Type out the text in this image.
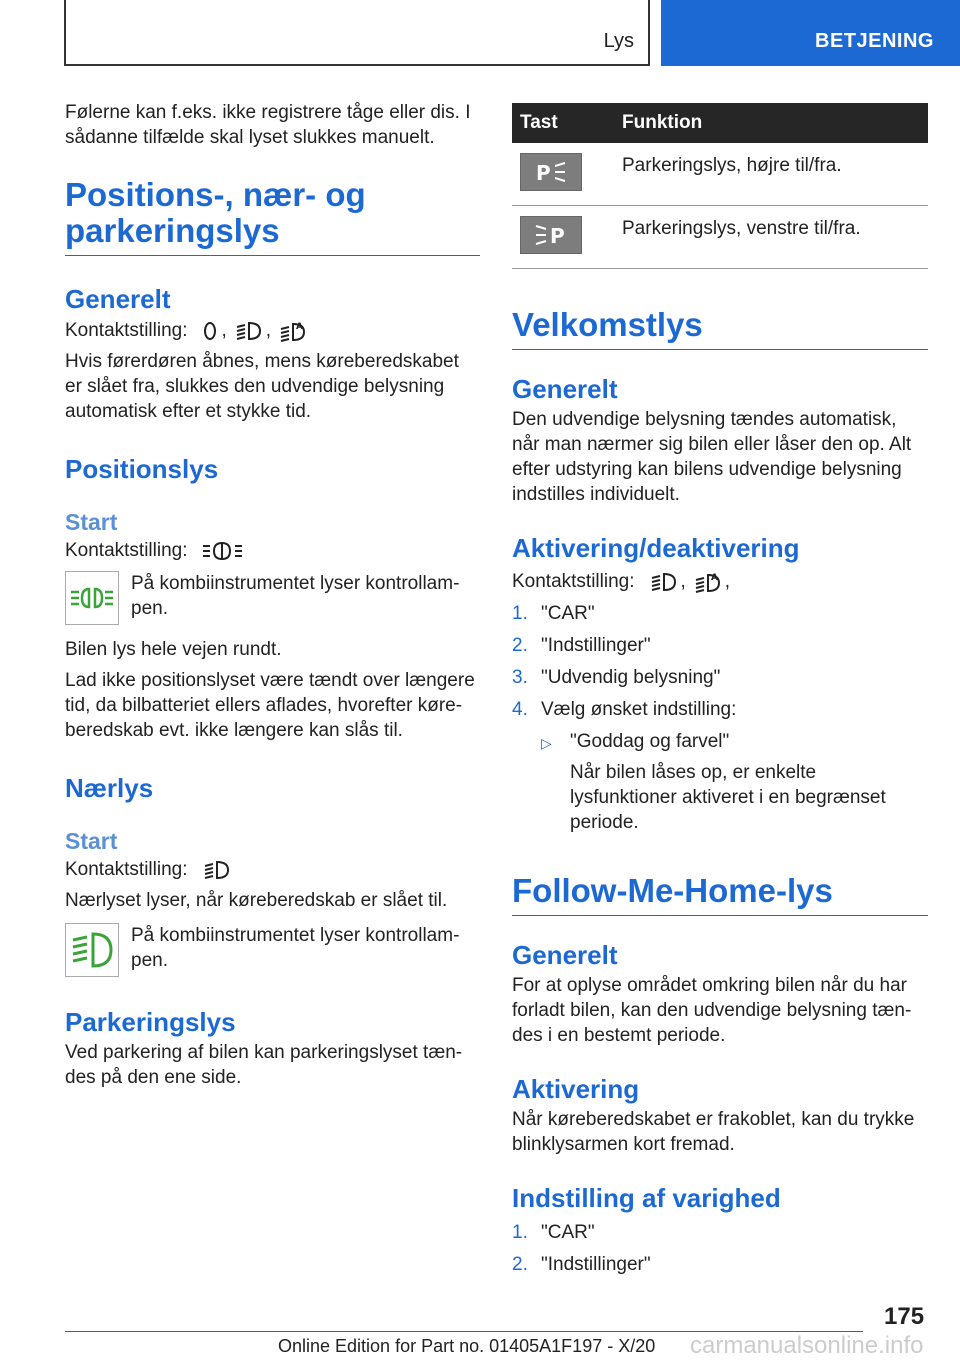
Lys	BETJENING

Følerne kan f.eks. ikke registrere tåge eller dis. I sådanne tilfælde skal lyset slukkes manuelt.

Positions-, nær- og parkeringslys
Generelt
Kontaktstilling: , ,	A

Hvis førerdøren åbnes, mens køreberedskabet er slået fra, slukkes den udvendige belysning automatisk efter et stykke tid.

Positionslys
Start
Kontaktstilling:
På kombiinstrumentet lyser kontrollampen.

Bilen lys hele vejen rundt.

Lad ikke positionslyset være tændt over længere tid, da bilbatteriet ellers aflades, hvorefter køreberedskab evt. ikke længere kan slås til.

Nærlys
Start
Kontaktstilling:

Nærlyset lyser, når køreberedskab er slået til.

På kombiinstrumentet lyser kontrollampen.
Parkeringslys

Ved parkering af bilen kan parkeringslyset tændes på den ene side.

Tast	Funktion

P	Parkeringslys, højre til/fra.

P	Parkeringslys, venstre til/fra.
Velkomstlys
Generelt

Den udvendige belysning tændes automatisk, når man nærmer sig bilen eller låser den op. Alt efter udstyring kan bilens udvendige belysning indstilles individuelt.

Aktivering/deaktivering
Kontaktstilling: ,	A ,
1. "CAR"
2. "Indstillinger"
3. "Udvendig belysning"
4. Vælg ønsket indstilling:
▷ "Goddag og farvel"

Når bilen låses op, er enkelte lysfunktioner aktiveret i en begrænset periode.

Follow-Me-Home-lys
Generelt

For at oplyse området omkring bilen når du har forladt bilen, kan den udvendige belysning tændes i en bestemt periode.

Aktivering

Når køreberedskabet er frakoblet, kan du trykke blinklysarmen kort fremad.

Indstilling af varighed
1. "CAR"
2. "Indstillinger"
175
Online Edition for Part no. 01405A1F197 - X/20 carmanualsonline.info
